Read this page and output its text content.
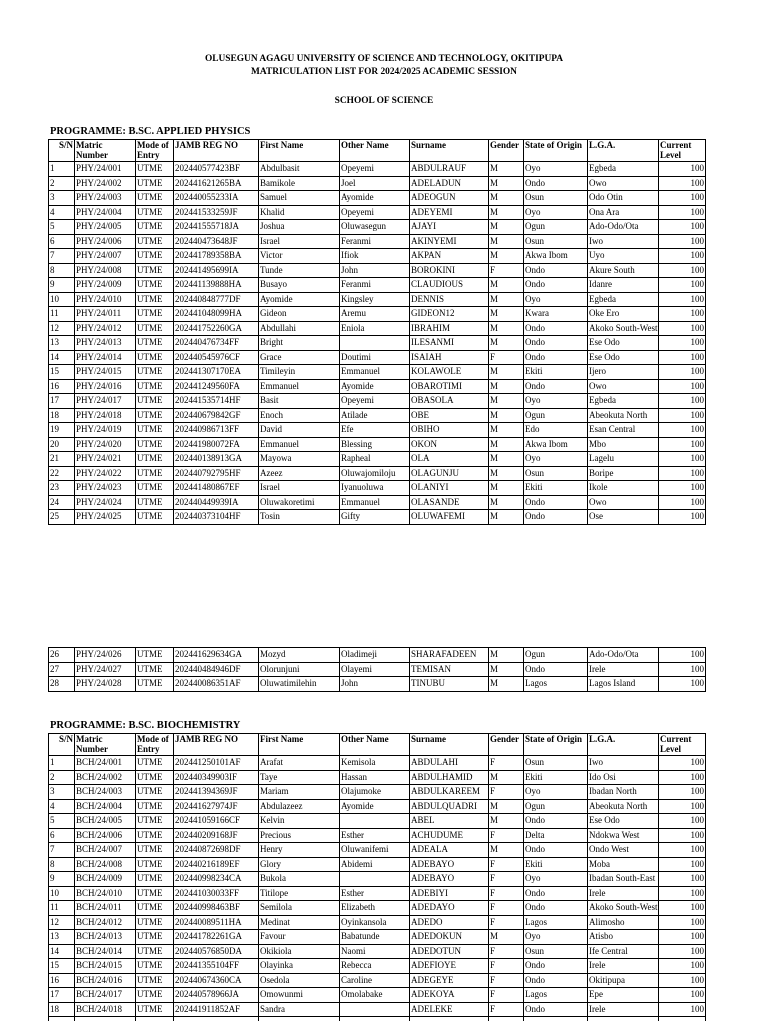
OLUSEGUN AGAGU UNIVERSITY OF SCIENCE AND TECHNOLOGY, OKITIPUPA
MATRICULATION LIST FOR 2024/2025 ACADEMIC SESSION
SCHOOL OF SCIENCE
PROGRAMME: B.SC. APPLIED PHYSICS
S/N	Matric Number	Mode of Entry	JAMB REG NO	First Name	Other Name	Surname	Gender	State of Origin	L.G.A.	Current Level
1	PHY/24/001	UTME	202440577423BF	Abdulbasit	Opeyemi	ABDULRAUF	M	Oyo	Egbeda	100
2	PHY/24/002	UTME	202441621265BA	Bamikole	Joel	ADELADUN	M	Ondo	Owo	100
3	PHY/24/003	UTME	202440055233IA	Samuel	Ayomide	ADEOGUN	M	Osun	Odo Otin	100
4	PHY/24/004	UTME	202441533259JF	Khalid	Opeyemi	ADEYEMI	M	Oyo	Ona Ara	100
5	PHY/24/005	UTME	202441555718JA	Joshua	Oluwasegun	AJAYI	M	Ogun	Ado-Odo/Ota	100
6	PHY/24/006	UTME	202440473648JF	Israel	Feranmi	AKINYEMI	M	Osun	Iwo	100
7	PHY/24/007	UTME	202441789358BA	Victor	Ifiok	AKPAN	M	Akwa Ibom	Uyo	100
8	PHY/24/008	UTME	202441495699IA	Tunde	John	BOROKINI	F	Ondo	Akure South	100
9	PHY/24/009	UTME	202441139888HA	Busayo	Feranmi	CLAUDIOUS	M	Ondo	Idanre	100
10	PHY/24/010	UTME	202440848777DF	Ayomide	Kingsley	DENNIS	M	Oyo	Egbeda	100
11	PHY/24/011	UTME	202441048099HA	Gideon	Aremu	GIDEON12	M	Kwara	Oke Ero	100
12	PHY/24/012	UTME	202441752260GA	Abdullahi	Eniola	IBRAHIM	M	Ondo	Akoko South-West	100
13	PHY/24/013	UTME	202440476734FF	Bright		ILESANMI	M	Ondo	Ese Odo	100
14	PHY/24/014	UTME	202440545976CF	Grace	Doutimi	ISAIAH	F	Ondo	Ese Odo	100
15	PHY/24/015	UTME	202441307170EA	Timileyin	Emmanuel	KOLAWOLE	M	Ekiti	Ijero	100
16	PHY/24/016	UTME	202441249560FA	Emmanuel	Ayomide	OBAROTIMI	M	Ondo	Owo	100
17	PHY/24/017	UTME	202441535714HF	Basit	Opeyemi	OBASOLA	M	Oyo	Egbeda	100
18	PHY/24/018	UTME	202440679842GF	Enoch	Atilade	OBE	M	Ogun	Abeokuta North	100
19	PHY/24/019	UTME	202440986713FF	David	Efe	OBIHO	M	Edo	Esan Central	100
20	PHY/24/020	UTME	202441980072FA	Emmanuel	Blessing	OKON	M	Akwa Ibom	Mbo	100
21	PHY/24/021	UTME	202440138913GA	Mayowa	Rapheal	OLA	M	Oyo	Lagelu	100
22	PHY/24/022	UTME	202440792795HF	Azeez	Oluwajomiloju	OLAGUNJU	M	Osun	Boripe	100
23	PHY/24/023	UTME	202441480867EF	Israel	Iyanuoluwa	OLANIYI	M	Ekiti	Ikole	100
24	PHY/24/024	UTME	202440449939IA	Oluwakoretimi	Emmanuel	OLASANDE	M	Ondo	Owo	100
25	PHY/24/025	UTME	202440373104HF	Tosin	Gifty	OLUWAFEMI	M	Ondo	Ose	100
26	PHY/24/026	UTME	202441629634GA	Mozyd	Oladimeji	SHARAFADEEN	M	Ogun	Ado-Odo/Ota	100
27	PHY/24/027	UTME	202440484946DF	Olorunjuni	Olayemi	TEMISAN	M	Ondo	Irele	100
28	PHY/24/028	UTME	202440086351AF	Oluwatimilehin	John	TINUBU	M	Lagos	Lagos Island	100
PROGRAMME: B.SC. BIOCHEMISTRY
S/N	Matric Number	Mode of Entry	JAMB REG NO	First Name	Other Name	Surname	Gender	State of Origin	L.G.A.	Current Level
1	BCH/24/001	UTME	202441250101AF	Arafat	Kemisola	ABDULAHI	F	Osun	Iwo	100
2	BCH/24/002	UTME	202440349903IF	Taye	Hassan	ABDULHAMID	M	Ekiti	Ido Osi	100
3	BCH/24/003	UTME	202441394369JF	Mariam	Olajumoke	ABDULKAREEM	F	Oyo	Ibadan North	100
4	BCH/24/004	UTME	202441627974JF	Abdulazeez	Ayomide	ABDULQUADRI	M	Ogun	Abeokuta North	100
5	BCH/24/005	UTME	202441059166CF	Kelvin		ABEL	M	Ondo	Ese Odo	100
6	BCH/24/006	UTME	202440209168JF	Precious	Esther	ACHUDUME	F	Delta	Ndokwa West	100
7	BCH/24/007	UTME	202440872698DF	Henry	Oluwanifemi	ADEALA	M	Ondo	Ondo West	100
8	BCH/24/008	UTME	202440216189EF	Glory	Abidemi	ADEBAYO	F	Ekiti	Moba	100
9	BCH/24/009	UTME	202440998234CA	Bukola		ADEBAYO	F	Oyo	Ibadan South-East	100
10	BCH/24/010	UTME	202441030033FF	Titilope	Esther	ADEBIYI	F	Ondo	Irele	100
11	BCH/24/011	UTME	202440998463BF	Semilola	Elizabeth	ADEDAYO	F	Ondo	Akoko South-West	100
12	BCH/24/012	UTME	202440089511HA	Medinat	Oyinkansola	ADEDO	F	Lagos	Alimosho	100
13	BCH/24/013	UTME	202441782261GA	Favour	Babatunde	ADEDOKUN	M	Oyo	Atisbo	100
14	BCH/24/014	UTME	202440576850DA	Okikiola	Naomi	ADEDOTUN	F	Osun	Ife Central	100
15	BCH/24/015	UTME	202441355104FF	Olayinka	Rebecca	ADEFIOYE	F	Ondo	Irele	100
16	BCH/24/016	UTME	202440674360CA	Osedola	Caroline	ADEGEYE	F	Ondo	Okitipupa	100
17	BCH/24/017	UTME	202440578966JA	Omowunmi	Omolabake	ADEKOYA	F	Lagos	Epe	100
18	BCH/24/018	UTME	202441911852AF	Sandra		ADELEKE	F	Ondo	Irele	100
